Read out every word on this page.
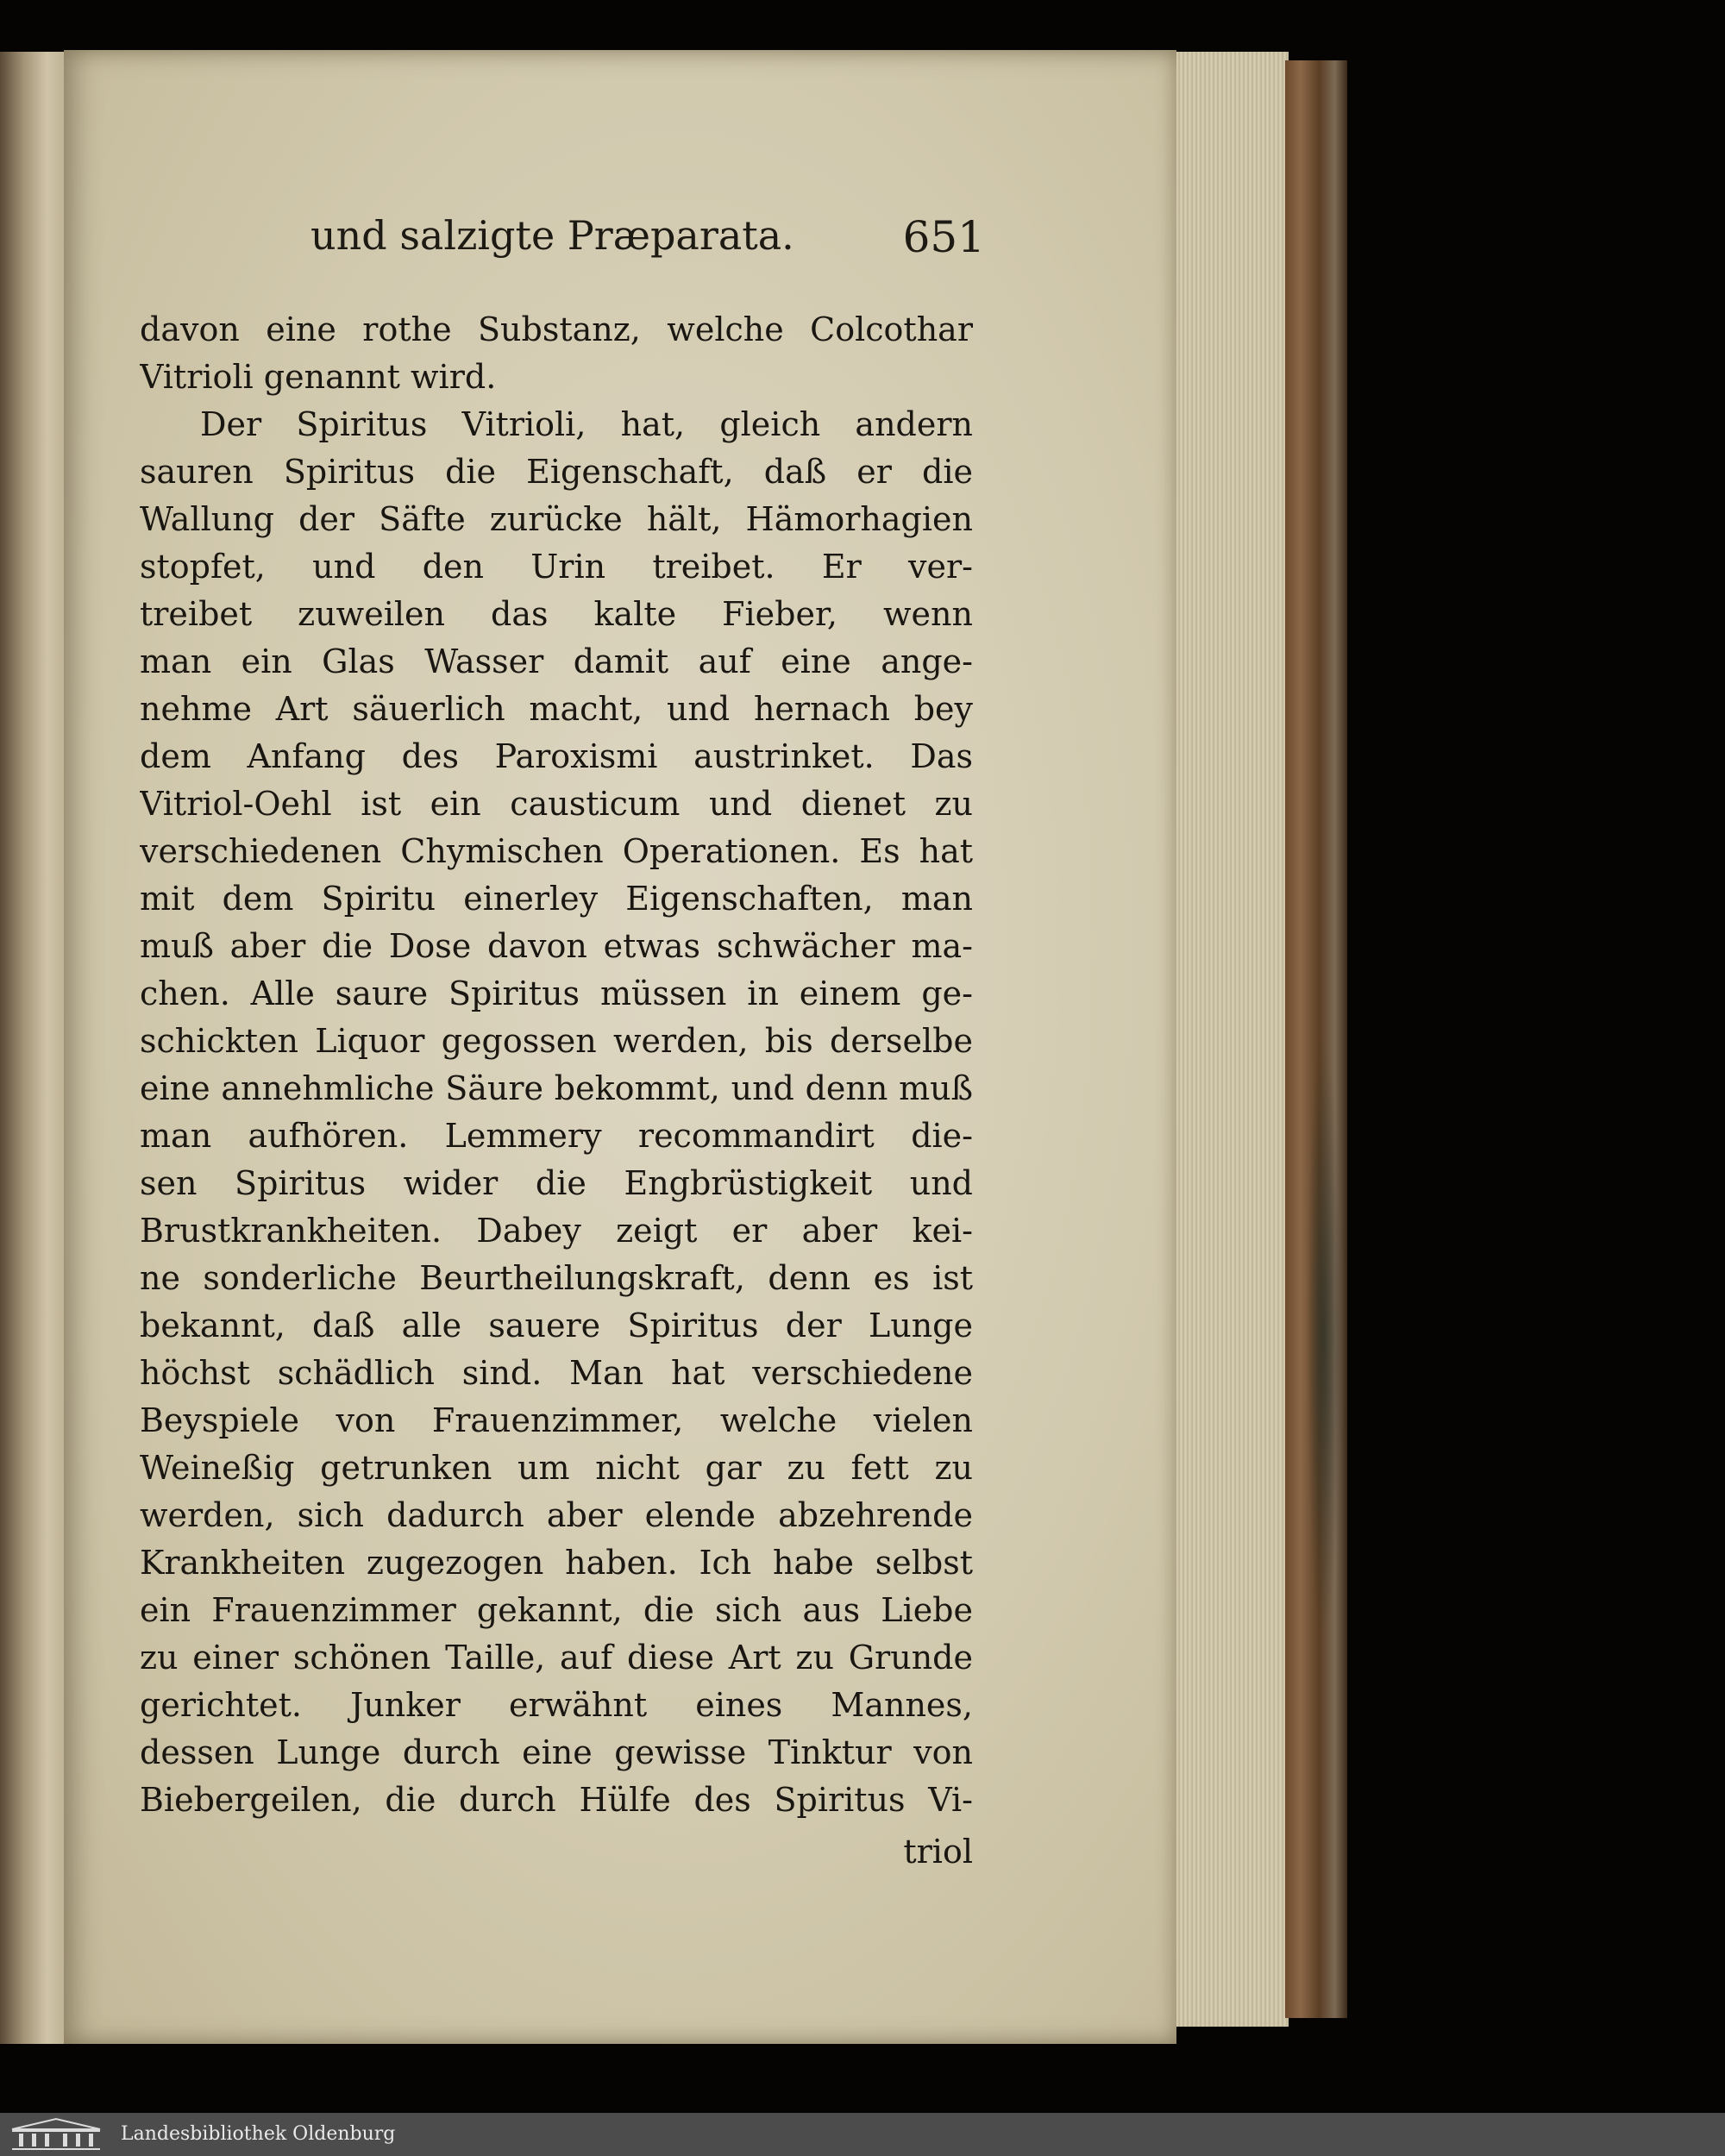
und salzigte Præparata.	651
davon eine rothe Substanz, welche Colcothar
Vitrioli genannt wird.
Der Spiritus Vitrioli, hat, gleich andern
sauren Spiritus die Eigenschaft, daß er die
Wallung der Säfte zurücke hält, Hämorhagien
stopfet, und den Urin treibet. Er ver-
treibet zuweilen das kalte Fieber, wenn
man ein Glas Wasser damit auf eine ange-
nehme Art säuerlich macht, und hernach bey
dem Anfang des Paroxismi austrinket. Das
Vitriol-Oehl ist ein causticum und dienet zu
verschiedenen Chymischen Operationen. Es hat
mit dem Spiritu einerley Eigenschaften, man
muß aber die Dose davon etwas schwächer ma-
chen. Alle saure Spiritus müssen in einem ge-
schickten Liquor gegossen werden, bis derselbe
eine annehmliche Säure bekommt, und denn muß
man aufhören. Lemmery recommandirt die-
sen Spiritus wider die Engbrüstigkeit und
Brustkrankheiten. Dabey zeigt er aber kei-
ne sonderliche Beurtheilungskraft, denn es ist
bekannt, daß alle sauere Spiritus der Lunge
höchst schädlich sind. Man hat verschiedene
Beyspiele von Frauenzimmer, welche vielen
Weineßig getrunken um nicht gar zu fett zu
werden, sich dadurch aber elende abzehrende
Krankheiten zugezogen haben. Ich habe selbst
ein Frauenzimmer gekannt, die sich aus Liebe
zu einer schönen Taille, auf diese Art zu Grunde
gerichtet. Junker erwähnt eines Mannes,
dessen Lunge durch eine gewisse Tinktur von
Biebergeilen, die durch Hülfe des Spiritus Vi-
triol
Landesbibliothek Oldenburg
